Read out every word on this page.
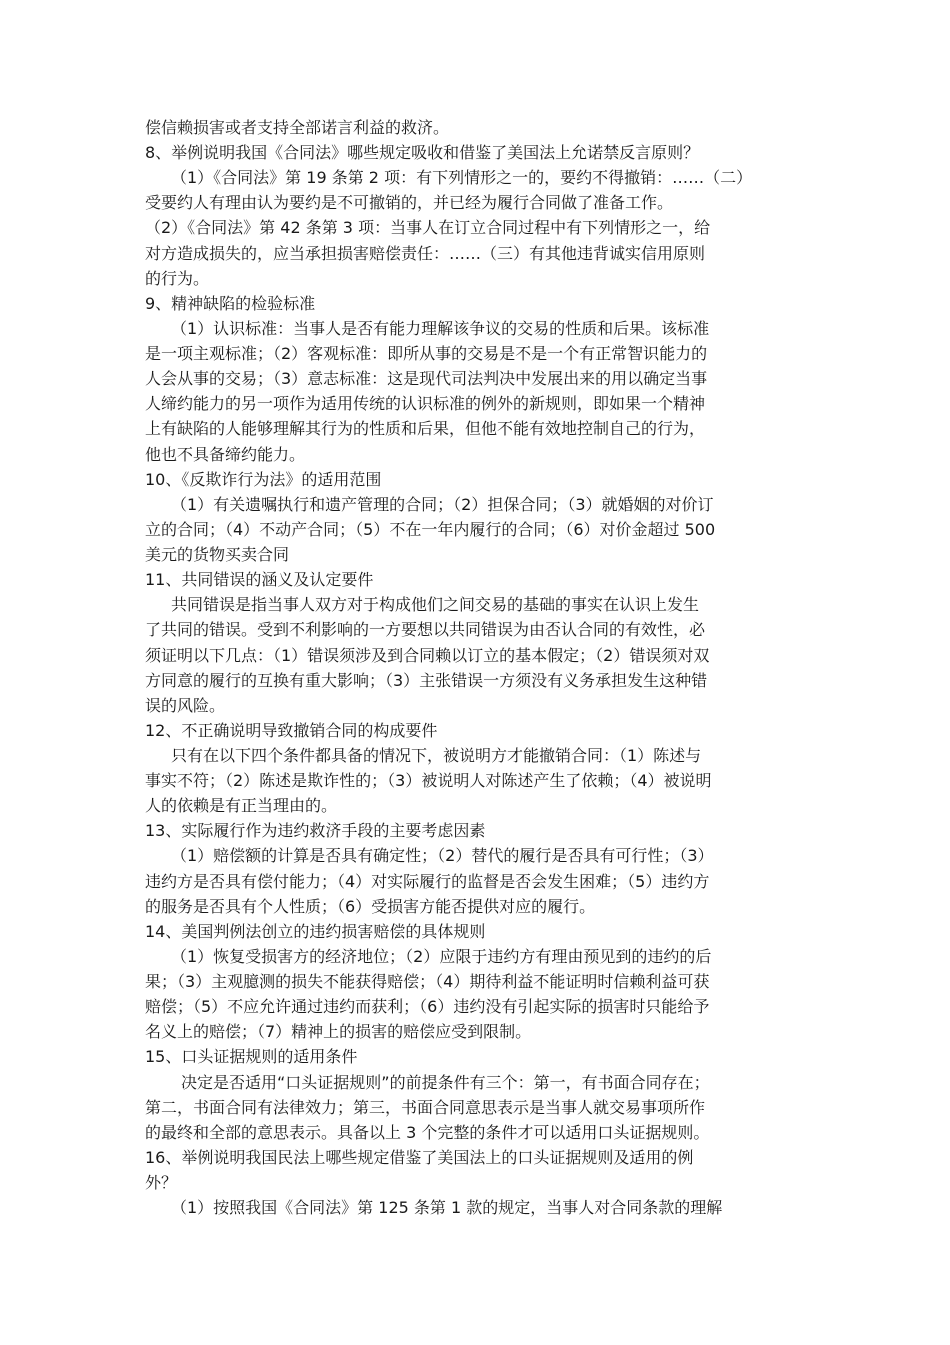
偿信赖损害或者支持全部诺言利益的救济。
8、举例说明我国《合同法》哪些规定吸收和借鉴了美国法上允诺禁反言原则？
（1）《合同法》第 19 条第 2 项：有下列情形之一的，要约不得撤销：……（二）
受要约人有理由认为要约是不可撤销的，并已经为履行合同做了准备工作。
（2）《合同法》第 42 条第 3 项：当事人在订立合同过程中有下列情形之一，给
对方造成损失的，应当承担损害赔偿责任：……（三）有其他违背诚实信用原则
的行为。
9、精神缺陷的检验标准
（1）认识标准：当事人是否有能力理解该争议的交易的性质和后果。该标准
是一项主观标准；（2）客观标准：即所从事的交易是不是一个有正常智识能力的
人会从事的交易；（3）意志标准：这是现代司法判决中发展出来的用以确定当事
人缔约能力的另一项作为适用传统的认识标准的例外的新规则，即如果一个精神
上有缺陷的人能够理解其行为的性质和后果，但他不能有效地控制自己的行为，
他也不具备缔约能力。
10、《反欺诈行为法》的适用范围
（1）有关遗嘱执行和遗产管理的合同；（2）担保合同；（3）就婚姻的对价订
立的合同；（4）不动产合同；（5）不在一年内履行的合同；（6）对价金超过 500
美元的货物买卖合同
11、共同错误的涵义及认定要件
共同错误是指当事人双方对于构成他们之间交易的基础的事实在认识上发生
了共同的错误。受到不利影响的一方要想以共同错误为由否认合同的有效性，必
须证明以下几点：（1）错误须涉及到合同赖以订立的基本假定；（2）错误须对双
方同意的履行的互换有重大影响；（3）主张错误一方须没有义务承担发生这种错
误的风险。
12、不正确说明导致撤销合同的构成要件
只有在以下四个条件都具备的情况下，被说明方才能撤销合同：（1）陈述与
事实不符；（2）陈述是欺诈性的；（3）被说明人对陈述产生了依赖；（4）被说明
人的依赖是有正当理由的。
13、实际履行作为违约救济手段的主要考虑因素
（1）赔偿额的计算是否具有确定性；（2）替代的履行是否具有可行性；（3）
违约方是否具有偿付能力；（4）对实际履行的监督是否会发生困难；（5）违约方
的服务是否具有个人性质；（6）受损害方能否提供对应的履行。
14、美国判例法创立的违约损害赔偿的具体规则
（1）恢复受损害方的经济地位；（2）应限于违约方有理由预见到的违约的后
果；（3）主观臆测的损失不能获得赔偿；（4）期待利益不能证明时信赖利益可获
赔偿；（5）不应允许通过违约而获利；（6）违约没有引起实际的损害时只能给予
名义上的赔偿；（7）精神上的损害的赔偿应受到限制。
15、口头证据规则的适用条件
决定是否适用“口头证据规则”的前提条件有三个：第一，有书面合同存在；
第二，书面合同有法律效力；第三，书面合同意思表示是当事人就交易事项所作
的最终和全部的意思表示。具备以上 3 个完整的条件才可以适用口头证据规则。
16、举例说明我国民法上哪些规定借鉴了美国法上的口头证据规则及适用的例
外？
（1）按照我国《合同法》第 125 条第 1 款的规定，当事人对合同条款的理解
